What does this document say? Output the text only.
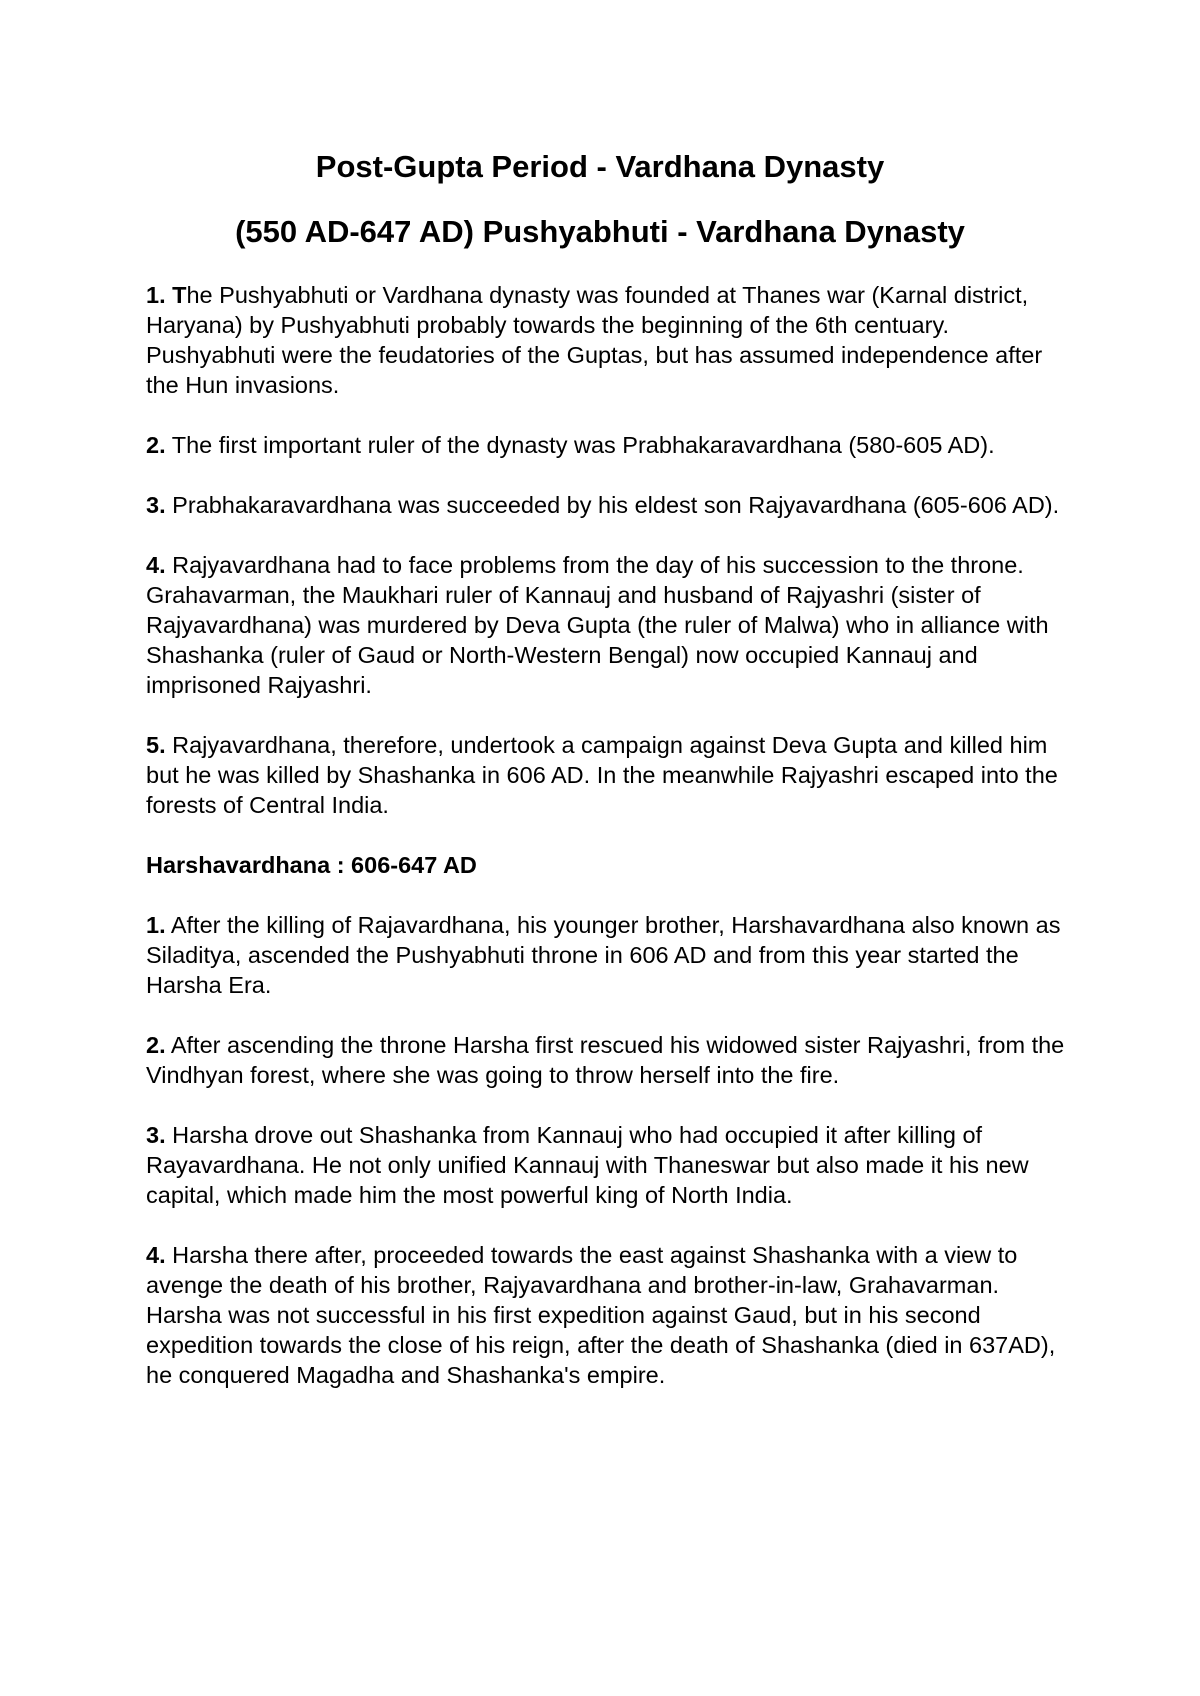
Post-Gupta Period - Vardhana Dynasty
(550 AD-647 AD) Pushyabhuti - Vardhana Dynasty

1. The Pushyabhuti or Vardhana dynasty was founded at Thanes war (Karnal district, Haryana) by Pushyabhuti probably towards the beginning of the 6th centuary. Pushyabhuti were the feudatories of the Guptas, but has assumed independence after the Hun invasions.

2. The first important ruler of the dynasty was Prabhakaravardhana (580-605 AD).

3. Prabhakaravardhana was succeeded by his eldest son Rajyavardhana (605-606 AD).

4. Rajyavardhana had to face problems from the day of his succession to the throne. Grahavarman, the Maukhari ruler of Kannauj and husband of Rajyashri (sister of Rajyavardhana) was murdered by Deva Gupta (the ruler of Malwa) who in alliance with Shashanka (ruler of Gaud or North-Western Bengal) now occupied Kannauj and imprisoned Rajyashri.

5. Rajyavardhana, therefore, undertook a campaign against Deva Gupta and killed him but he was killed by Shashanka in 606 AD. In the meanwhile Rajyashri escaped into the forests of Central India.

Harshavardhana : 606-647 AD

1. After the killing of Rajavardhana, his younger brother, Harshavardhana also known as Siladitya, ascended the Pushyabhuti throne in 606 AD and from this year started the Harsha Era.

2. After ascending the throne Harsha first rescued his widowed sister Rajyashri, from the Vindhyan forest, where she was going to throw herself into the fire.

3. Harsha drove out Shashanka from Kannauj who had occupied it after killing of Rayavardhana. He not only unified Kannauj with Thaneswar but also made it his new capital, which made him the most powerful king of North India.

4. Harsha there after, proceeded towards the east against Shashanka with a view to avenge the death of his brother, Rajyavardhana and brother-in-law, Grahavarman. Harsha was not successful in his first expedition against Gaud, but in his second expedition towards the close of his reign, after the death of Shashanka (died in 637AD), he conquered Magadha and Shashanka's empire.
